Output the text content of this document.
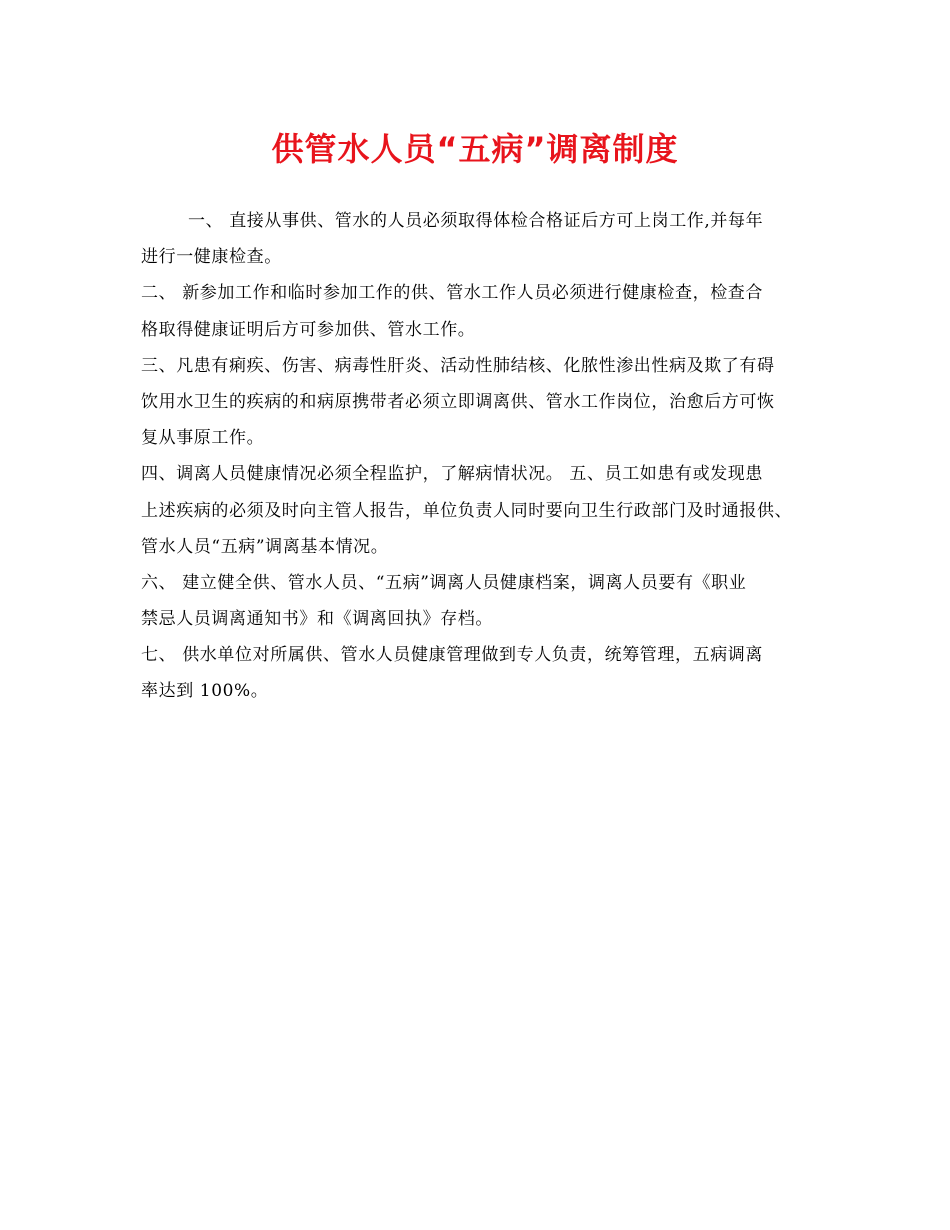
供管水人员“五病”调离制度
一、 直接从事供、管水的人员必须取得体检合格证后方可上岗工作,并每年
进行一健康检查。
二、 新参加工作和临时参加工作的供、管水工作人员必须进行健康检查，检查合
格取得健康证明后方可参加供、管水工作。
三、凡患有痢疾、伤害、病毒性肝炎、活动性肺结核、化脓性渗出性病及欺了有碍
饮用水卫生的疾病的和病原携带者必须立即调离供、管水工作岗位，治愈后方可恢
复从事原工作。
四、调离人员健康情况必须全程监护，了解病情状况。 五、员工如患有或发现患
上述疾病的必须及时向主管人报告，单位负责人同时要向卫生行政部门及时通报供、
管水人员“五病”调离基本情况。
六、 建立健全供、管水人员、“五病”调离人员健康档案，调离人员要有《职业
禁忌人员调离通知书》和《调离回执》存档。
七、 供水单位对所属供、管水人员健康管理做到专人负责，统筹管理，五病调离
率达到 100%。
